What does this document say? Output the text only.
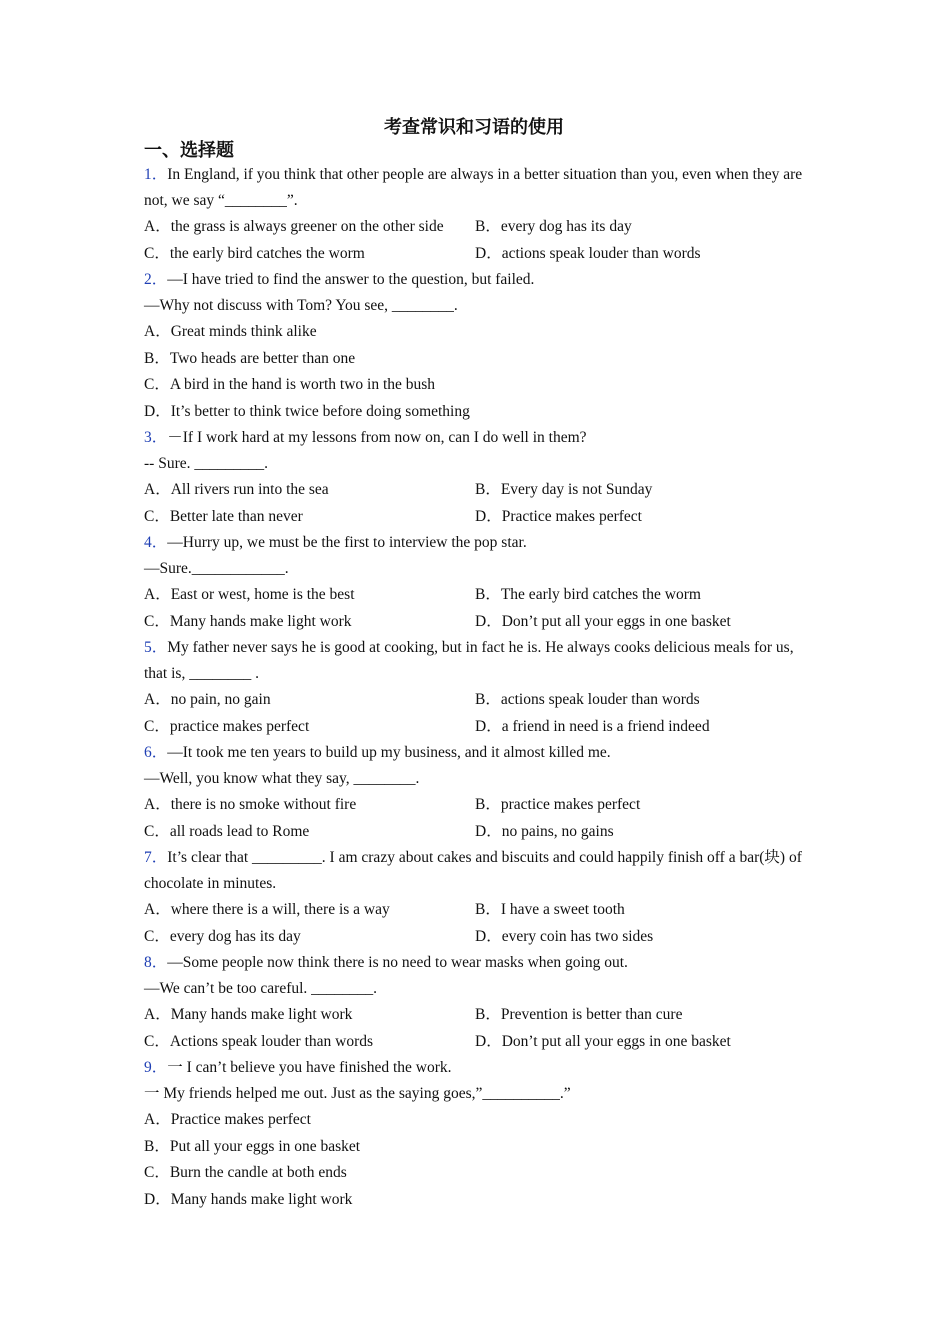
考查常识和习语的使用
一、选择题
1．In England, if you think that other people are always in a better situation than you, even when they are not, we say “________”.
A．the grass is always greener on the other side	B．every dog has its day
C．the early bird catches the worm	D．actions speak louder than words
2．—I have tried to find the answer to the question, but failed.
—Why not discuss with Tom? You see, ________.
A．Great minds think alike
B．Two heads are better than one
C．A bird in the hand is worth two in the bush
D．It’s better to think twice before doing something
3．－If I work hard at my lessons from now on, can I do well in them?
-- Sure. _________.
A．All rivers run into the sea	B．Every day is not Sunday
C．Better late than never	D．Practice makes perfect
4．—Hurry up, we must be the first to interview the pop star.
—Sure.____________.
A．East or west, home is the best	B．The early bird catches the worm
C．Many hands make light work	D．Don’t put all your eggs in one basket
5．My father never says he is good at cooking, but in fact he is. He always cooks delicious meals for us, that is, ________ .
A．no pain, no gain	B．actions speak louder than words
C．practice makes perfect	D．a friend in need is a friend indeed
6．—It took me ten years to build up my business, and it almost killed me.
—Well, you know what they say, ________.
A．there is no smoke without fire	B．practice makes perfect
C．all roads lead to Rome	D．no pains, no gains
7．It’s clear that _________. I am crazy about cakes and biscuits and could happily finish off a bar(块) of chocolate in minutes.
A．where there is a will, there is a way	B．I have a sweet tooth
C．every dog has its day	D．every coin has two sides
8．—Some people now think there is no need to wear masks when going out.
—We can’t be too careful. ________.
A．Many hands make light work	B．Prevention is better than cure
C．Actions speak louder than words	D．Don’t put all your eggs in one basket
9．一 I can’t believe you have finished the work.
一 My friends helped me out. Just as the saying goes,”__________.”
A．Practice makes perfect
B．Put all your eggs in one basket
C．Burn the candle at both ends
D．Many hands make light work
